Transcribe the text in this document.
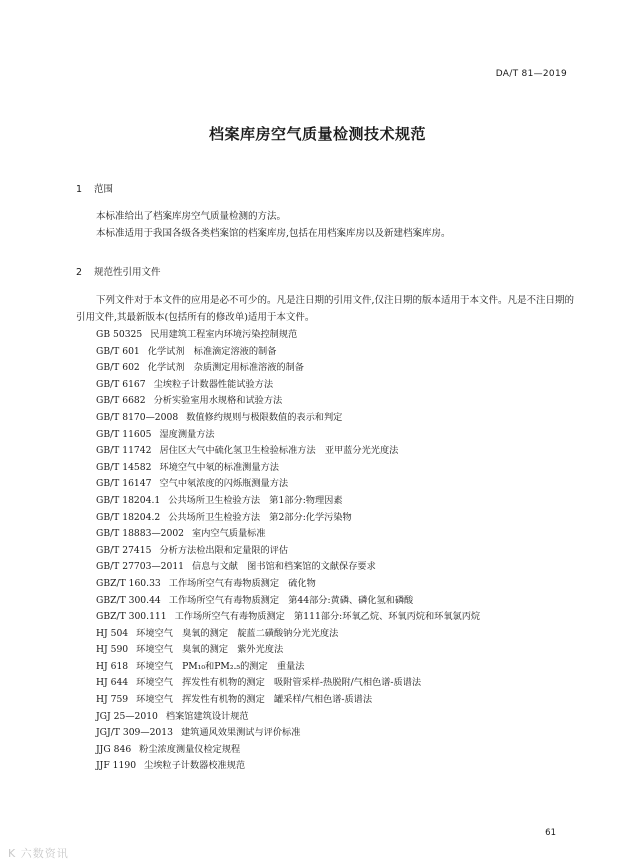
DA/T 81—2019
档案库房空气质量检测技术规范
1 范围
本标准给出了档案库房空气质量检测的方法。
本标准适用于我国各级各类档案馆的档案库房,包括在用档案库房以及新建档案库房。
2 规范性引用文件
下列文件对于本文件的应用是必不可少的。凡是注日期的引用文件,仅注日期的版本适用于本文件。凡是不注日期的引用文件,其最新版本(包括所有的修改单)适用于本文件。
GB 50325 民用建筑工程室内环境污染控制规范
GB/T 601 化学试剂　标准滴定溶液的制备
GB/T 602 化学试剂　杂质测定用标准溶液的制备
GB/T 6167 尘埃粒子计数器性能试验方法
GB/T 6682 分析实验室用水规格和试验方法
GB/T 8170—2008 数值修约规则与极限数值的表示和判定
GB/T 11605 湿度测量方法
GB/T 11742 居住区大气中硫化氢卫生检验标准方法　亚甲蓝分光光度法
GB/T 14582 环境空气中氡的标准测量方法
GB/T 16147 空气中氡浓度的闪烁瓶测量方法
GB/T 18204.1 公共场所卫生检验方法　第1部分:物理因素
GB/T 18204.2 公共场所卫生检验方法　第2部分:化学污染物
GB/T 18883—2002 室内空气质量标准
GB/T 27415 分析方法检出限和定量限的评估
GB/T 27703—2011 信息与文献　图书馆和档案馆的文献保存要求
GBZ/T 160.33 工作场所空气有毒物质测定　硫化物
GBZ/T 300.44 工作场所空气有毒物质测定　第44部分:黄磷、磷化氢和磷酸
GBZ/T 300.111 工作场所空气有毒物质测定　第111部分:环氧乙烷、环氧丙烷和环氧氯丙烷
HJ 504 环境空气　臭氧的测定　靛蓝二磺酸钠分光光度法
HJ 590 环境空气　臭氧的测定　紫外光度法
HJ 618 环境空气　PM₁₀和PM₂.₅的测定　重量法
HJ 644 环境空气　挥发性有机物的测定　吸附管采样-热脱附/气相色谱-质谱法
HJ 759 环境空气　挥发性有机物的测定　罐采样/气相色谱-质谱法
JGJ 25—2010 档案馆建筑设计规范
JGJ/T 309—2013 建筑通风效果测试与评价标准
JJG 846 粉尘浓度测量仪检定规程
JJF 1190 尘埃粒子计数器校准规范
61
K 六数资讯
